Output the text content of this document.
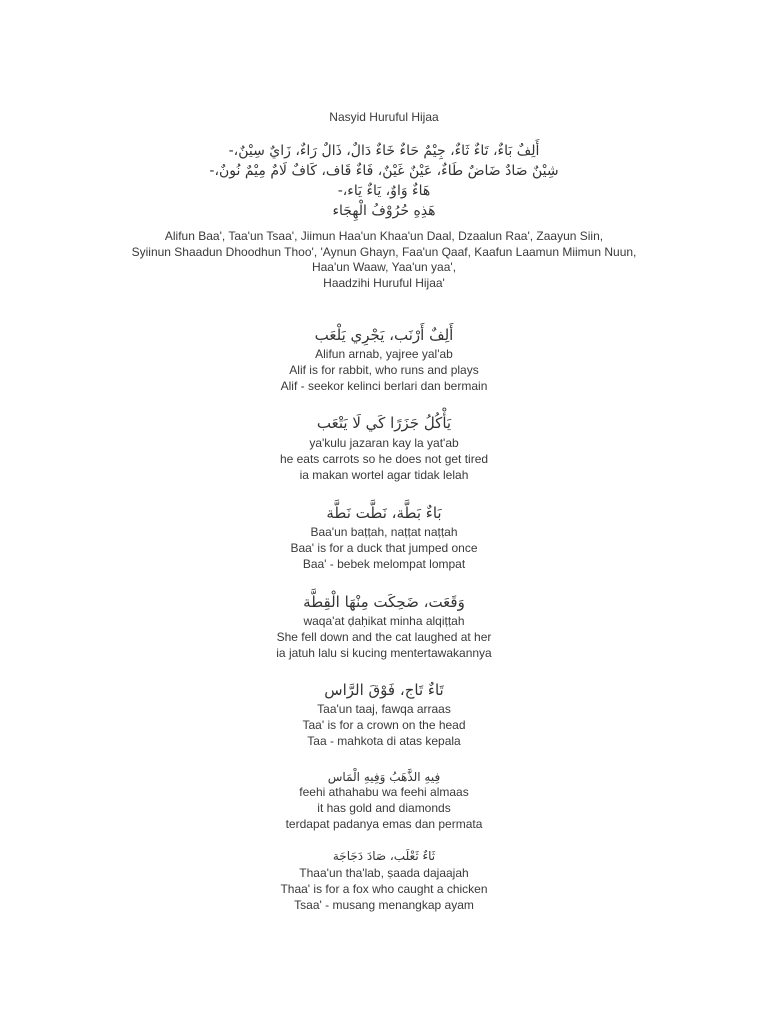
Nasyid Huruful Hijaa
أَلِفٌ بَاءٌ، تَاءٌ ثَاءٌ، جِيْمٌ حَاءٌ خَاءٌ دَالٌ، ذَالٌ رَاءٌ، زَايٌ سِيْنٌ،-
شِيْنٌ صَادٌ ضَاضٌ طَاءٌ، عَيْنٌ غَيْنٌ، فَاءٌ قَاف، كَافٌ لَامٌ مِيْمٌ نُونٌ،-
هَاءٌ وَاوٌ، يَاءٌ يَاء،-
هَذِهِ حُرُوْفُ الْهِجَاء
Alifun Baa', Taa'un Tsaa', Jiimun Haa'un Khaa'un Daal, Dzaalun Raa', Zaayun Siin,
Syiinun Shaadun Dhoodhun Thoo', 'Aynun Ghayn, Faa'un Qaaf, Kaafun Laamun Miimun Nuun,
Haa'un Waaw, Yaa'un yaa',
Haadzihi Huruful Hijaa'
أَلِفٌ أَرْنَب، يَجْرِي يَلْعَب
Alifun arnab, yajree yal'ab
Alif is for rabbit, who runs and plays
Alif - seekor kelinci berlari dan bermain
يَأْكُلُ جَزَرًا كَي لَا يَتْعَب
ya'kulu jazaran kay la yat'ab
he eats carrots so he does not get tired
ia makan wortel agar tidak lelah
بَاءٌ بَطَّة، نَطَّت نَطَّة
Baa'un baṭṭah, naṭṭat naṭṭah
Baa' is for a duck that jumped once
Baa' - bebek melompat lompat
وَقَعَت، ضَحِكَت مِنْهَا الْقِطَّة
waqa'at ḍaḥikat minha alqiṭṭah
She fell down and the cat laughed at her
ia jatuh lalu si kucing mentertawakannya
تَاءٌ تَاج، فَوْقَ الرَّاس
Taa'un taaj, fawqa arraas
Taa' is for a crown on the head
Taa - mahkota di atas kepala
فِيهِ الذَّهَبُ وَفِيهِ الْمَاس
feehi athahabu wa feehi almaas
it has gold and diamonds
terdapat padanya emas dan permata
ثَاءٌ ثَعْلَب، صَادَ دَجَاجَة
Thaa'un tha'lab, ṣaada dajaajah
Thaa' is for a fox who caught a chicken
Tsaa' - musang menangkap ayam
